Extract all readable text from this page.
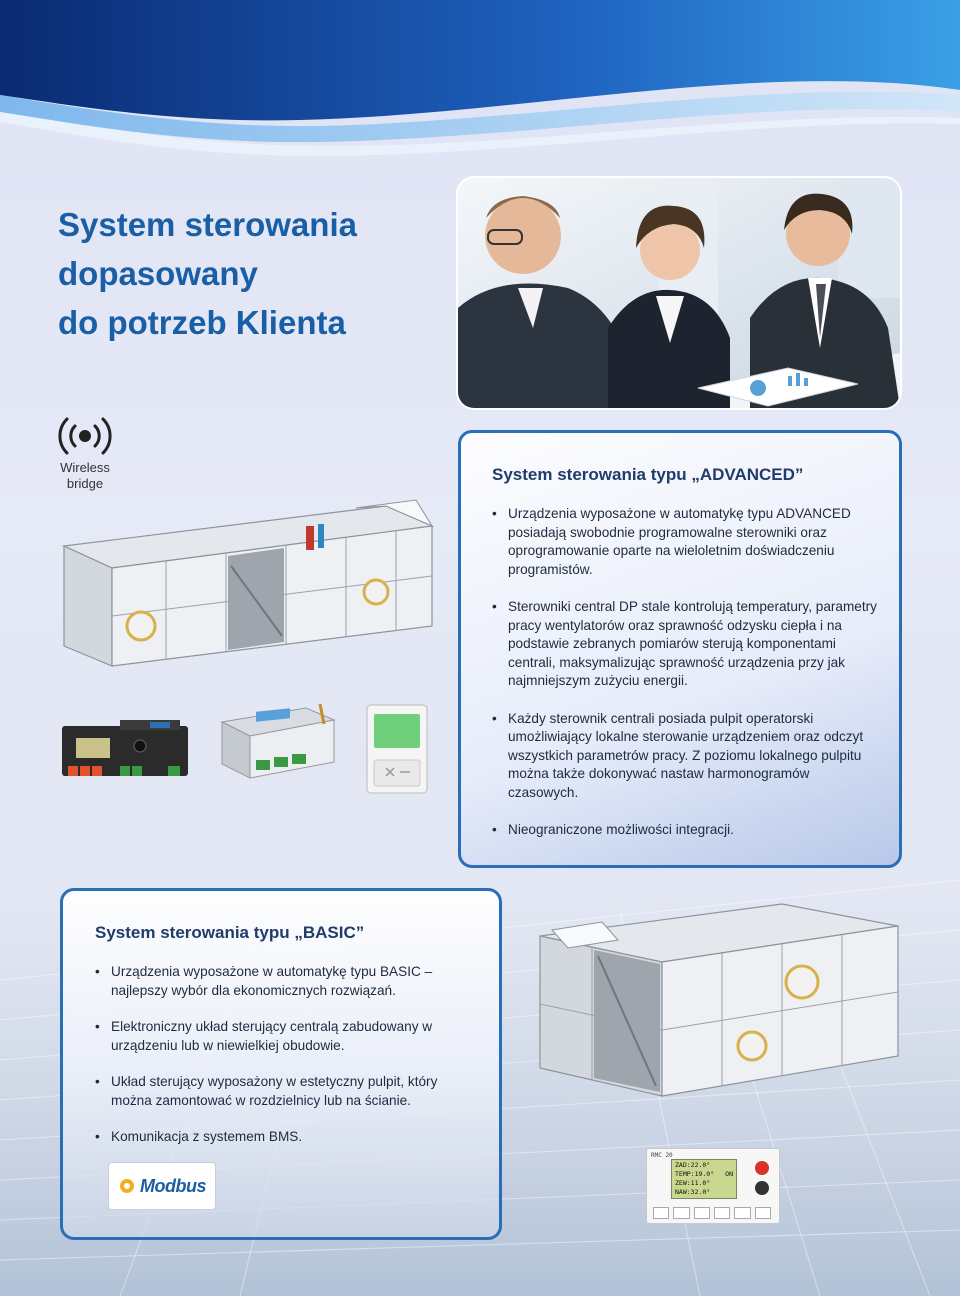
System sterowania
dopasowany
do potrzeb Klienta
Wireless
bridge	System sterowania typu „ADVANCED”
• Urządzenia wyposażone w automatykę typu ADVANCED posiadają swobodnie programowalne sterowniki oraz oprogramowanie oparte na wieloletnim doświadczeniu programistów.
• Sterowniki central DP stale kontrolują temperatury, parametry pracy wentylatorów oraz sprawność odzysku ciepła i na podstawie zebranych pomiarów sterują komponentami centrali, maksymalizując sprawność urządzenia przy jak najmniejszym zużyciu energii.
• Każdy sterownik centrali posiada pulpit operatorski umożliwiający lokalne sterowanie urządzeniem oraz odczyt wszystkich parametrów pracy. Z poziomu lokalnego pulpitu można także dokonywać nastaw harmonogramów czasowych.
• Nieograniczone możliwości integracji.
System sterowania typu „BASIC”
• Urządzenia wyposażone w automatykę typu BASIC – najlepszy wybór dla ekonomicznych rozwiązań.
• Elektroniczny układ sterujący centralą zabudowany w urządzeniu lub w niewielkiej obudowie.
• Układ sterujący wyposażony w estetyczny pulpit, który można zamontować w rozdzielnicy lub na ścianie.
• Komunikacja z systemem BMS.
Modbus
RMC 20
ZAD:22.0°
TEMP:19.0° ON
ZEW:11.0°
NAW:32.0°
